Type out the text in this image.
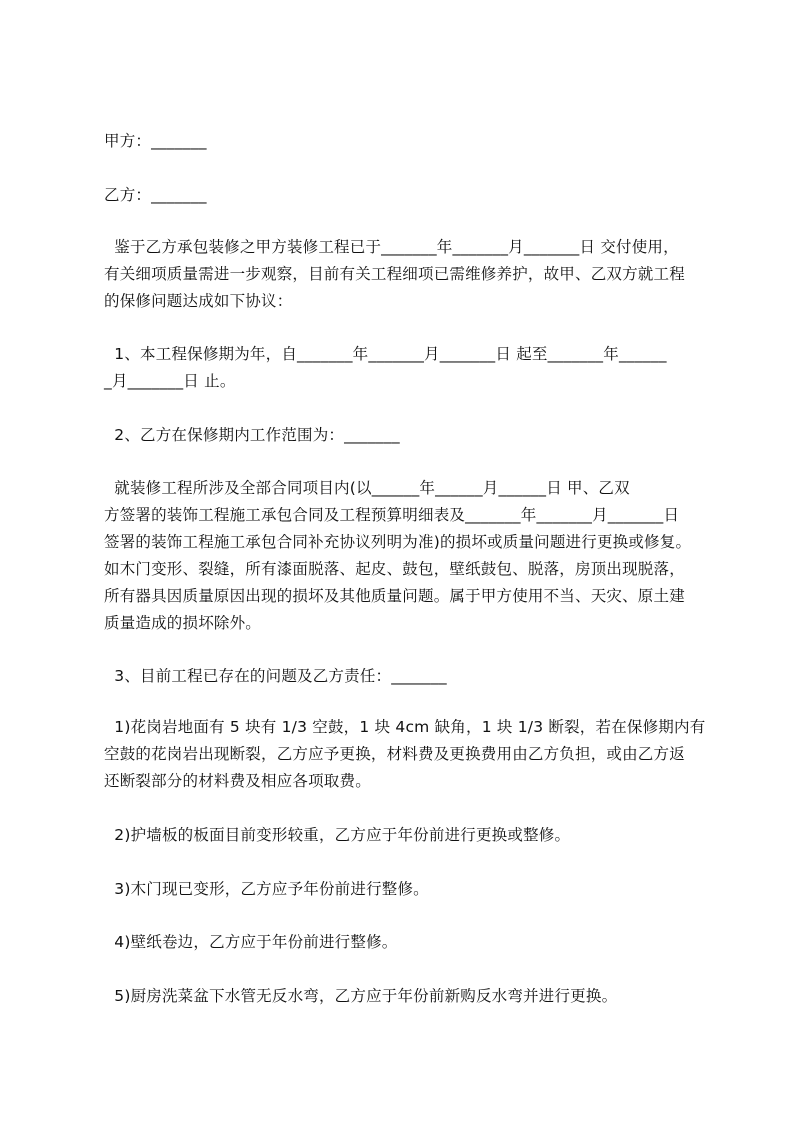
甲方：_______
乙方：_______
鉴于乙方承包装修之甲方装修工程已于_______年_______月_______日 交付使用，
有关细项质量需进一步观察，目前有关工程细项已需维修养护，故甲、乙双方就工程
的保修问题达成如下协议：
1、本工程保修期为年，自_______年_______月_______日 起至_______年______
_月_______日 止。
2、乙方在保修期内工作范围为：_______
就装修工程所涉及全部合同项目内(以______年______月______日 甲、乙双
方签署的装饰工程施工承包合同及工程预算明细表及_______年_______月_______日
签署的装饰工程施工承包合同补充协议列明为准)的损坏或质量问题进行更换或修复。
如木门变形、裂缝，所有漆面脱落、起皮、鼓包，壁纸鼓包、脱落，房顶出现脱落，
所有器具因质量原因出现的损坏及其他质量问题。属于甲方使用不当、天灾、原土建
质量造成的损坏除外。
3、目前工程已存在的问题及乙方责任：_______
1)花岗岩地面有 5 块有 1/3 空鼓，1 块 4cm 缺角，1 块 1/3 断裂，若在保修期内有
空鼓的花岗岩出现断裂，乙方应予更换，材料费及更换费用由乙方负担，或由乙方返
还断裂部分的材料费及相应各项取费。
2)护墙板的板面目前变形较重，乙方应于年份前进行更换或整修。
3)木门现已变形，乙方应予年份前进行整修。
4)壁纸卷边，乙方应于年份前进行整修。
5)厨房洗菜盆下水管无反水弯，乙方应于年份前新购反水弯并进行更换。
